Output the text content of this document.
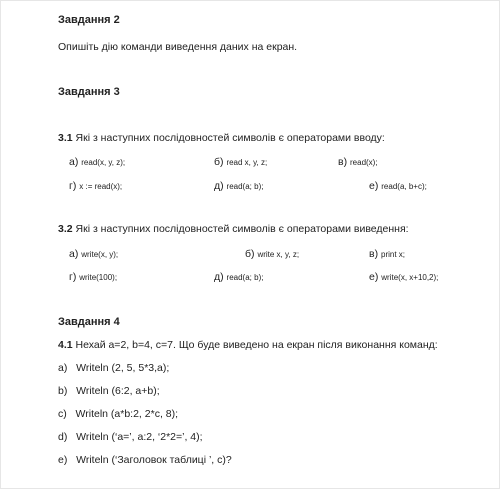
Завдання 2
Опишіть дію команди виведення даних на екран.
Завдання 3
3.1 Які з наступних послідовностей символів є операторами вводу:
а) read(x, y, z);	б) read x, y, z;	в) read(x);
г) x := read(x);	д) read(a; b);	е) read(a, b+c);
3.2 Які з наступних послідовностей символів є операторами виведення:
а) write(x, y);	б) write x, y, z;	в) print x;
г) write(100);	д) read(a; b);	е) write(x, x+10,2);
Завдання 4
4.1 Нехай a=2, b=4, c=7. Що буде виведено на екран після виконання команд:
a) Writeln (2, 5, 5*3,a);
b) Writeln (6:2, a+b);
c) Writeln (a*b:2, 2*c, 8);
d) Writeln (‘a=’, a:2, ‘2*2=’, 4);
e) Writeln (‘Заголовок таблиці ’, c)?
